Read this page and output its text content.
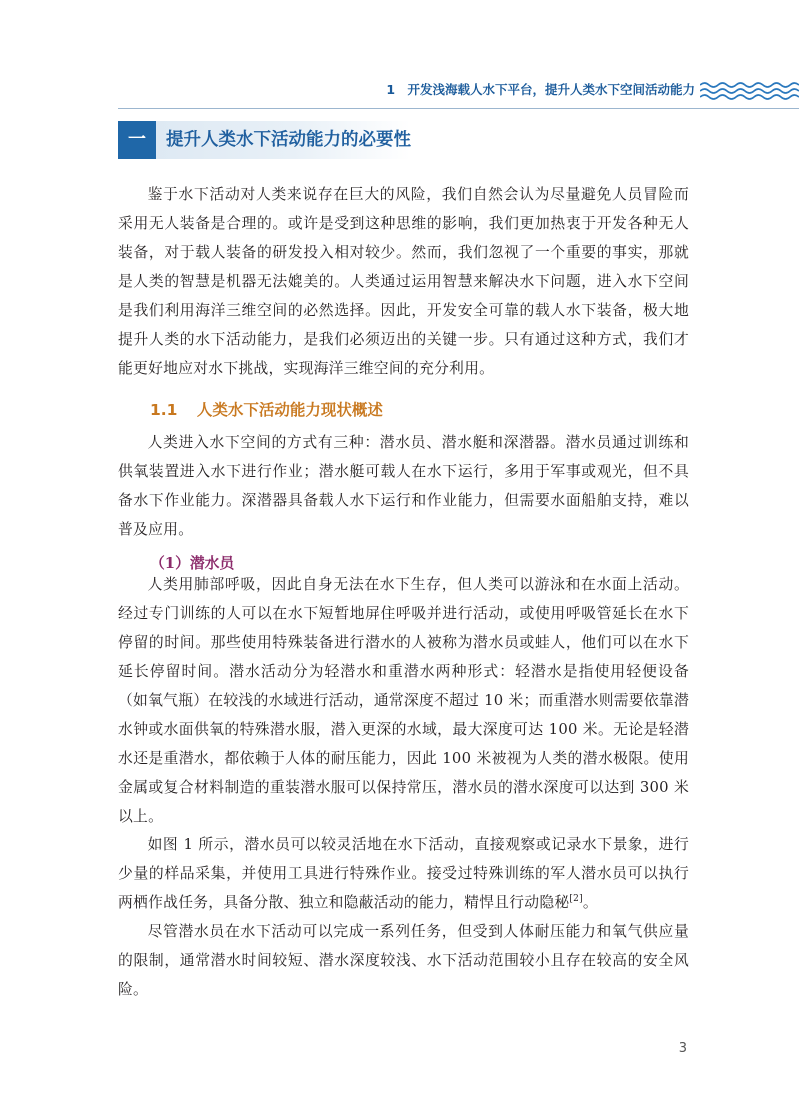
1 开发浅海载人水下平台，提升人类水下空间活动能力
一	提升人类水下活动能力的必要性

鉴于水下活动对人类来说存在巨大的风险，我们自然会认为尽量避免人员冒险而采用无人装备是合理的。或许是受到这种思维的影响，我们更加热衷于开发各种无人装备，对于载人装备的研发投入相对较少。然而，我们忽视了一个重要的事实，那就是人类的智慧是机器无法媲美的。人类通过运用智慧来解决水下问题，进入水下空间是我们利用海洋三维空间的必然选择。因此，开发安全可靠的载人水下装备，极大地提升人类的水下活动能力，是我们必须迈出的关键一步。只有通过这种方式，我们才能更好地应对水下挑战，实现海洋三维空间的充分利用。

1.1 人类水下活动能力现状概述

人类进入水下空间的方式有三种：潜水员、潜水艇和深潜器。潜水员通过训练和供氧装置进入水下进行作业；潜水艇可载人在水下运行，多用于军事或观光，但不具备水下作业能力。深潜器具备载人水下运行和作业能力，但需要水面船舶支持，难以普及应用。

（1）潜水员

人类用肺部呼吸，因此自身无法在水下生存，但人类可以游泳和在水面上活动。经过专门训练的人可以在水下短暂地屏住呼吸并进行活动，或使用呼吸管延长在水下停留的时间。那些使用特殊装备进行潜水的人被称为潜水员或蛙人，他们可以在水下延长停留时间。潜水活动分为轻潜水和重潜水两种形式：轻潜水是指使用轻便设备（如氧气瓶）在较浅的水域进行活动，通常深度不超过 10 米；而重潜水则需要依靠潜水钟或水面供氧的特殊潜水服，潜入更深的水域，最大深度可达 100 米。无论是轻潜水还是重潜水，都依赖于人体的耐压能力，因此 100 米被视为人类的潜水极限。使用金属或复合材料制造的重装潜水服可以保持常压，潜水员的潜水深度可以达到 300 米以上。

如图 1 所示，潜水员可以较灵活地在水下活动，直接观察或记录水下景象，进行少量的样品采集，并使用工具进行特殊作业。接受过特殊训练的军人潜水员可以执行两栖作战任务，具备分散、独立和隐蔽活动的能力，精悍且行动隐秘[2]。

尽管潜水员在水下活动可以完成一系列任务，但受到人体耐压能力和氧气供应量的限制，通常潜水时间较短、潜水深度较浅、水下活动范围较小且存在较高的安全风险。

3
